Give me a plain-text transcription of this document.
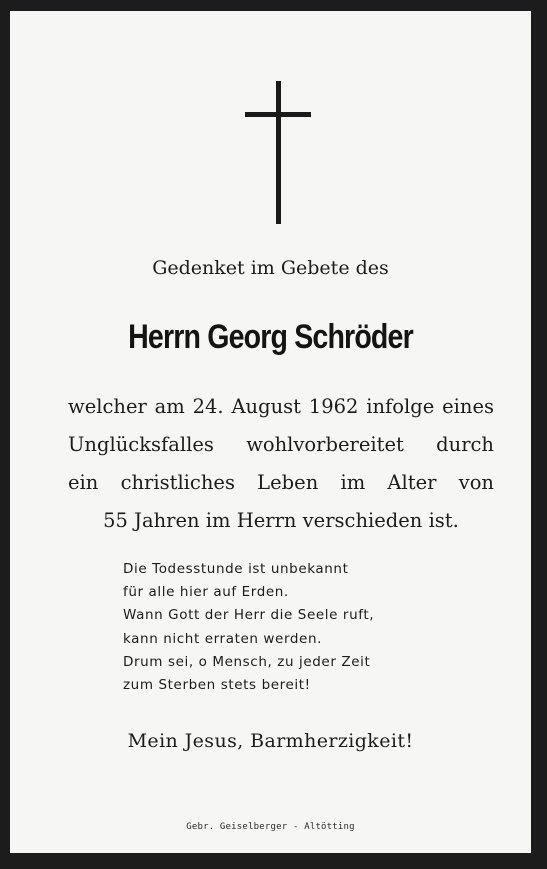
Gedenket im Gebete des
Herrn Georg Schröder
welcher am 24. August 1962 infolge eines
Unglücksfalles wohlvorbereitet durch
ein christliches Leben im Alter von
55 Jahren im Herrn verschieden ist.
Die Todesstunde ist unbekannt
für alle hier auf Erden.
Wann Gott der Herr die Seele ruft,
kann nicht erraten werden.
Drum sei, o Mensch, zu jeder Zeit
zum Sterben stets bereit!
Mein Jesus, Barmherzigkeit!
Gebr. Geiselberger - Altötting
